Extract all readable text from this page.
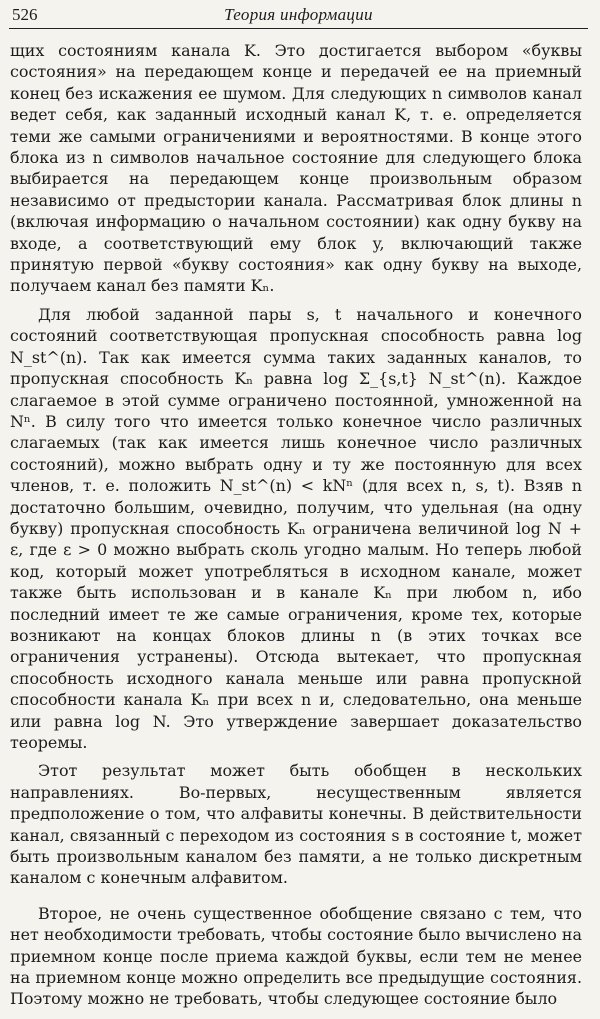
526	Теория информации

щих состояниям канала K. Это достигается выбором «буквы состояния» на передающем конце и передачей ее на приемный конец без искажения ее шумом. Для следующих n символов канал ведет себя, как заданный исходный канал K, т. е. определяется теми же самыми ограничениями и вероятностями. В конце этого блока из n символов начальное состояние для следующего блока выбирается на передающем конце произвольным образом независимо от предыстории канала. Рассматривая блок длины n (включая информацию о начальном состоянии) как одну букву на входе, а соответствующий ему блок y, включающий также принятую первой «букву состояния» как одну букву на выходе, получаем канал без памяти Kₙ.

Для любой заданной пары s, t начального и конечного состояний соответствующая пропускная способность равна log N_st^(n). Так как имеется сумма таких заданных каналов, то пропускная способность Kₙ равна log Σ_{s,t} N_st^(n). Каждое слагаемое в этой сумме ограничено постоянной, умноженной на Nⁿ. В силу того что имеется только конечное число различных слагаемых (так как имеется лишь конечное число различных состояний), можно выбрать одну и ту же постоянную для всех членов, т. е. положить N_st^(n) < kNⁿ (для всех n, s, t). Взяв n достаточно большим, очевидно, получим, что удельная (на одну букву) пропускная способность Kₙ ограничена величиной log N + ε, где ε > 0 можно выбрать сколь угодно малым. Но теперь любой код, который может употребляться в исходном канале, может также быть использован и в канале Kₙ при любом n, ибо последний имеет те же самые ограничения, кроме тех, которые возникают на концах блоков длины n (в этих точках все ограничения устранены). Отсюда вытекает, что пропускная способность исходного канала меньше или равна пропускной способности канала Kₙ при всех n и, следовательно, она меньше или равна log N. Это утверждение завершает доказательство теоремы.

Этот результат может быть обобщен в нескольких направлениях. Во-первых, несущественным является предположение о том, что алфавиты конечны. В действительности канал, связанный с переходом из состояния s в состояние t, может быть произвольным каналом без памяти, а не только дискретным каналом с конечным алфавитом.

Второе, не очень существенное обобщение связано с тем, что нет необходимости требовать, чтобы состояние было вычислено на приемном конце после приема каждой буквы, если тем не менее на приемном конце можно определить все предыдущие состояния. Поэтому можно не требовать, чтобы следующее состояние было
